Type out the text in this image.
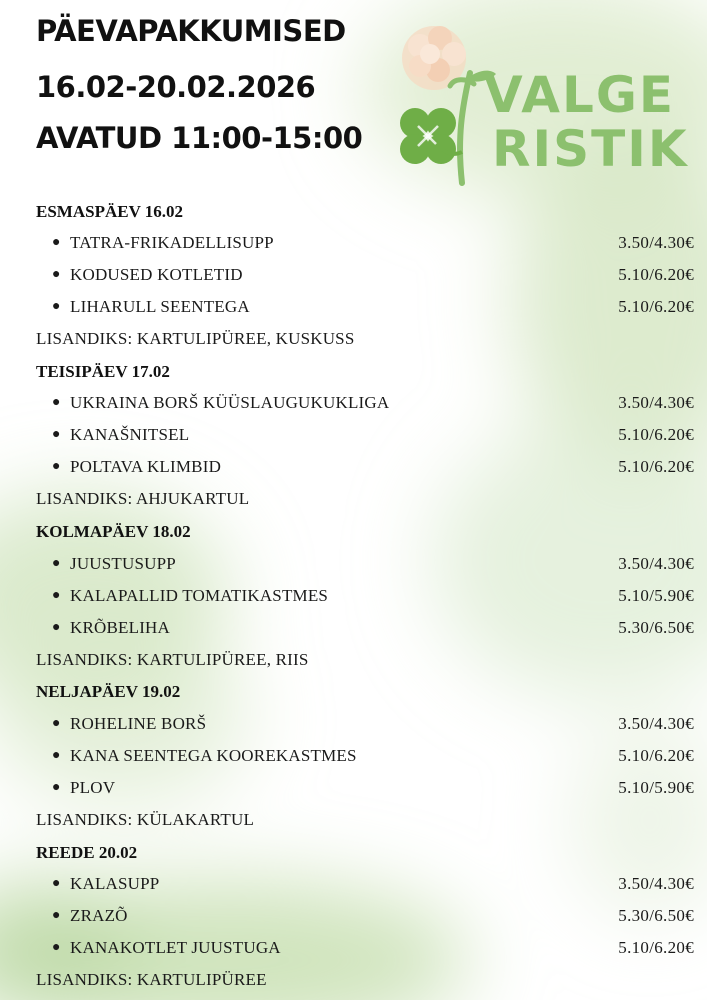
PÄEVAPAKKUMISED
16.02-20.02.2026
AVATUD 11:00-15:00
VALGE
RISTIK
ESMASPÄEV 16.02
● TATRA-FRIKADELLISUPP	3.50/4.30€
● KODUSED KOTLETID	5.10/6.20€
● LIHARULL SEENTEGA	5.10/6.20€
LISANDIKS: KARTULIPÜREE, KUSKUSS
TEISIPÄEV 17.02
● UKRAINA BORŠ KÜÜSLAUGUKUKLIGA	3.50/4.30€
● KANAŠNITSEL	5.10/6.20€
● POLTAVA KLIMBID	5.10/6.20€
LISANDIKS: AHJUKARTUL
KOLMAPÄEV 18.02
● JUUSTUSUPP	3.50/4.30€
● KALAPALLID TOMATIKASTMES	5.10/5.90€
● KRÕBELIHA	5.30/6.50€
LISANDIKS: KARTULIPÜREE, RIIS
NELJAPÄEV 19.02
● ROHELINE BORŠ	3.50/4.30€
● KANA SEENTEGA KOOREKASTMES	5.10/6.20€
● PLOV	5.10/5.90€
LISANDIKS: KÜLAKARTUL
REEDE 20.02
● KALASUPP	3.50/4.30€
● ZRAZÕ	5.30/6.50€
● KANAKOTLET JUUSTUGA	5.10/6.20€
LISANDIKS: KARTULIPÜREE
